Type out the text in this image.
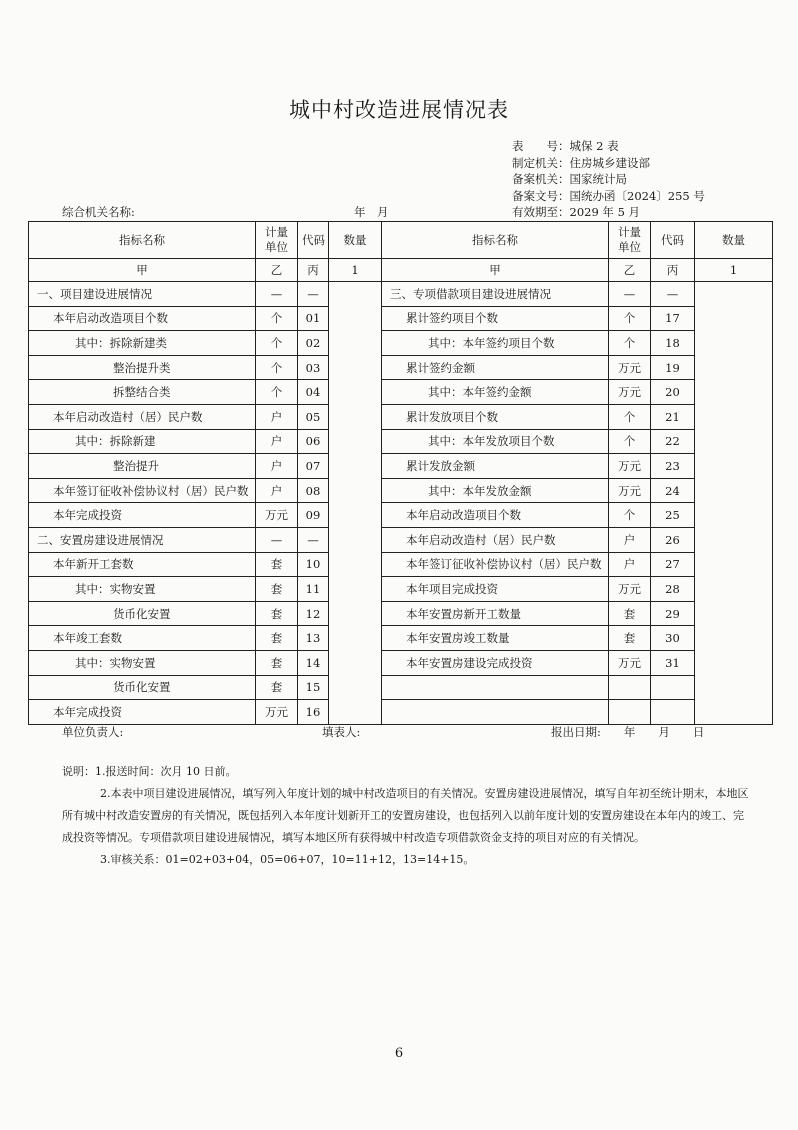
城中村改造进展情况表
表　　号：城保 2 表
制定机关：住房城乡建设部
备案机关：国家统计局
备案文号：国统办函〔2024〕255 号
有效期至：2029 年 5 月
综合机关名称:	年　月
指标名称	计量单位	代码	数量	指标名称	计量单位	代码	数量
甲	乙	丙	1	甲	乙	丙	1
一、项目建设进展情况	—	—		三、专项借款项目建设进展情况	—	—	
本年启动改造项目个数	个	01		累计签约项目个数	个	17	
其中：拆除新建类	个	02		其中：本年签约项目个数	个	18	
整治提升类	个	03		累计签约金额	万元	19	
拆整结合类	个	04		其中：本年签约金额	万元	20	
本年启动改造村（居）民户数	户	05		累计发放项目个数	个	21	
其中：拆除新建	户	06		其中：本年发放项目个数	个	22	
整治提升	户	07		累计发放金额	万元	23	
本年签订征收补偿协议村（居）民户数	户	08		其中：本年发放金额	万元	24	
本年完成投资	万元	09		本年启动改造项目个数	个	25	
二、安置房建设进展情况	—	—		本年启动改造村（居）民户数	户	26	
本年新开工套数	套	10		本年签订征收补偿协议村（居）民户数	户	27	
其中：实物安置	套	11		本年项目完成投资	万元	28	
货币化安置	套	12		本年安置房新开工数量	套	29	
本年竣工套数	套	13		本年安置房竣工数量	套	30	
其中：实物安置	套	14		本年安置房建设完成投资	万元	31	
货币化安置	套	15					
本年完成投资	万元	16					
单位负责人:	填表人:	报出日期:　　年　　月　　日

说明：1.报送时间：次月 10 日前。

2.本表中项目建设进展情况，填写列入年度计划的城中村改造项目的有关情况。安置房建设进展情况，填写自年初至统计期末，本地区所有城中村改造安置房的有关情况，既包括列入本年度计划新开工的安置房建设，也包括列入以前年度计划的安置房建设在本年内的竣工、完成投资等情况。专项借款项目建设进展情况，填写本地区所有获得城中村改造专项借款资金支持的项目对应的有关情况。

3.审核关系：01=02+03+04，05=06+07，10=11+12，13=14+15。

6
